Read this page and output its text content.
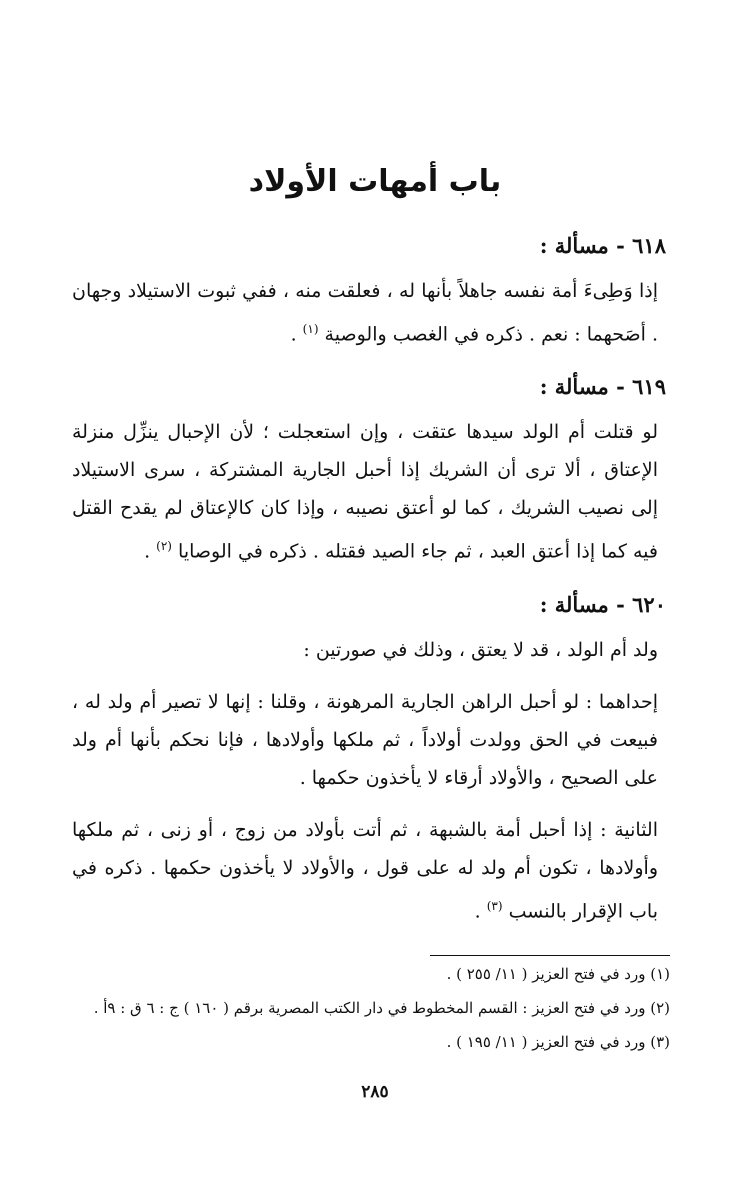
باب أمهات الأولاد
٦١٨ - مسألة :

إذا وَطِىءَ أمة نفسه جاهلاً بأنها له ، فعلقت منه ، ففي ثبوت الاستيلاد وجهان . أصَحهما : نعم . ذكره في الغصب والوصية $^{(١)}$ .

٦١٩ - مسألة :

لو قتلت أم الولد سيدها عتقت ، وإن استعجلت ؛ لأن الإحبال ينزِّل منزلة الإعتاق ، ألا ترى أن الشريك إذا أحبل الجارية المشتركة ، سرى الاستيلاد إلى نصيب الشريك ، كما لو أعتق نصيبه ، وإذا كان كالإعتاق لم يقدح القتل فيه كما إذا أعتق العبد ، ثم جاء الصيد فقتله . ذكره في الوصايا $^{(٢)}$ .

٦٢٠ - مسألة :

ولد أم الولد ، قد لا يعتق ، وذلك في صورتين :

إحداهما : لو أحبل الراهن الجارية المرهونة ، وقلنا : إنها لا تصير أم ولد له ، فبيعت في الحق وولدت أولاداً ، ثم ملكها وأولادها ، فإنا نحكم بأنها أم ولد على الصحيح ، والأولاد أرقاء لا يأخذون حكمها .

الثانية : إذا أحبل أمة بالشبهة ، ثم أتت بأولاد من زوج ، أو زنى ، ثم ملكها وأولادها ، تكون أم ولد له على قول ، والأولاد لا يأخذون حكمها . ذكره في باب الإقرار بالنسب $^{(٣)}$ .

(١) ورد في فتح العزيز ( ١١/ ٢٥٥ ) .

(٢) ورد في فتح العزيز : القسم المخطوط في دار الكتب المصرية برقم ( ١٦٠ ) ج : ٦ ق : ٩أ .

(٣) ورد في فتح العزيز ( ١١/ ١٩٥ ) .

٢٨٥
